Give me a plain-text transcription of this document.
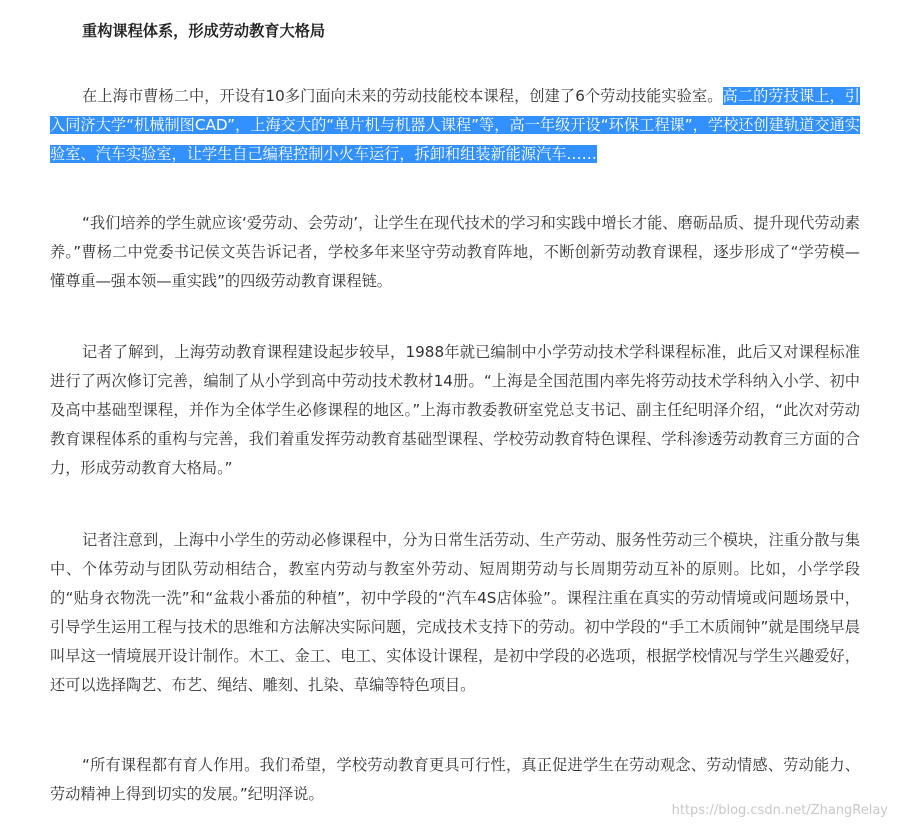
重构课程体系，形成劳动教育大格局

在上海市曹杨二中，开设有10多门面向未来的劳动技能校本课程，创建了6个劳动技能实验室。高二的劳技课上，引入同济大学“机械制图CAD”，上海交大的“单片机与机器人课程”等，高一年级开设“环保工程课”，学校还创建轨道交通实验室、汽车实验室，让学生自己编程控制小火车运行，拆卸和组装新能源汽车……

“我们培养的学生就应该‘爱劳动、会劳动’，让学生在现代技术的学习和实践中增长才能、磨砺品质、提升现代劳动素养。”曹杨二中党委书记侯文英告诉记者，学校多年来坚守劳动教育阵地，不断创新劳动教育课程，逐步形成了“学劳模—懂尊重—强本领—重实践”的四级劳动教育课程链。

记者了解到，上海劳动教育课程建设起步较早，1988年就已编制中小学劳动技术学科课程标准，此后又对课程标准进行了两次修订完善，编制了从小学到高中劳动技术教材14册。“上海是全国范围内率先将劳动技术学科纳入小学、初中及高中基础型课程，并作为全体学生必修课程的地区。”上海市教委教研室党总支书记、副主任纪明泽介绍，“此次对劳动教育课程体系的重构与完善，我们着重发挥劳动教育基础型课程、学校劳动教育特色课程、学科渗透劳动教育三方面的合力，形成劳动教育大格局。”

记者注意到，上海中小学生的劳动必修课程中，分为日常生活劳动、生产劳动、服务性劳动三个模块，注重分散与集中、个体劳动与团队劳动相结合，教室内劳动与教室外劳动、短周期劳动与长周期劳动互补的原则。比如，小学学段的“贴身衣物洗一洗”和“盆栽小番茄的种植”，初中学段的“汽车4S店体验”。课程注重在真实的劳动情境或问题场景中，引导学生运用工程与技术的思维和方法解决实际问题，完成技术支持下的劳动。初中学段的“手工木质闹钟”就是围绕早晨叫早这一情境展开设计制作。木工、金工、电工、实体设计课程，是初中学段的必选项，根据学校情况与学生兴趣爱好，还可以选择陶艺、布艺、绳结、雕刻、扎染、草编等特色项目。

“所有课程都有育人作用。我们希望，学校劳动教育更具可行性，真正促进学生在劳动观念、劳动情感、劳动能力、劳动精神上得到切实的发展。”纪明泽说。

https://blog.csdn.net/ZhangRelay
